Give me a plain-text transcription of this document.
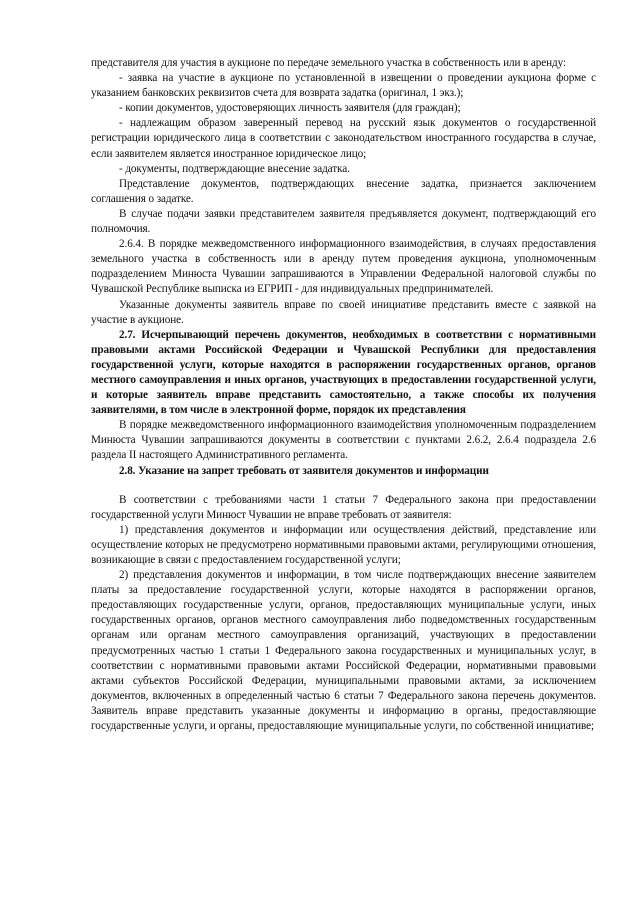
представителя для участия в аукционе по передаче земельного участка в собственность или в аренду:

- заявка на участие в аукционе по установленной в извещении о проведении аукциона форме с указанием банковских реквизитов счета для возврата задатка (оригинал, 1 экз.);

- копии документов, удостоверяющих личность заявителя (для граждан);

- надлежащим образом заверенный перевод на русский язык документов о государственной регистрации юридического лица в соответствии с законодательством иностранного государства в случае, если заявителем является иностранное юридическое лицо;

- документы, подтверждающие внесение задатка.

Представление документов, подтверждающих внесение задатка, признается заключением соглашения о задатке.

В случае подачи заявки представителем заявителя предъявляется документ, подтверждающий его полномочия.

2.6.4. В порядке межведомственного информационного взаимодействия, в случаях предоставления земельного участка в собственность или в аренду путем проведения аукциона, уполномоченным подразделением Минюста Чувашии запрашиваются в Управлении Федеральной налоговой службы по Чувашской Республике выписка из ЕГРИП - для индивидуальных предпринимателей.

Указанные документы заявитель вправе по своей инициативе представить вместе с заявкой на участие в аукционе.

2.7. Исчерпывающий перечень документов, необходимых в соответствии с нормативными правовыми актами Российской Федерации и Чувашской Республики для предоставления государственной услуги, которые находятся в распоряжении государственных органов, органов местного самоуправления и иных органов, участвующих в предоставлении государственной услуги, и которые заявитель вправе представить самостоятельно, а также способы их получения заявителями, в том числе в электронной форме, порядок их представления

В порядке межведомственного информационного взаимодействия уполномоченным подразделением Минюста Чувашии запрашиваются документы в соответствии с пунктами 2.6.2, 2.6.4 подраздела 2.6 раздела II настоящего Административного регламента.

2.8. Указание на запрет требовать от заявителя документов и информации

В соответствии с требованиями части 1 статьи 7 Федерального закона при предоставлении государственной услуги Минюст Чувашии не вправе требовать от заявителя:

1) представления документов и информации или осуществления действий, представление или осуществление которых не предусмотрено нормативными правовыми актами, регулирующими отношения, возникающие в связи с предоставлением государственной услуги;

2) представления документов и информации, в том числе подтверждающих внесение заявителем платы за предоставление государственной услуги, которые находятся в распоряжении органов, предоставляющих государственные услуги, органов, предоставляющих муниципальные услуги, иных государственных органов, органов местного самоуправления либо подведомственных государственным органам или органам местного самоуправления организаций, участвующих в предоставлении предусмотренных частью 1 статьи 1 Федерального закона государственных и муниципальных услуг, в соответствии с нормативными правовыми актами Российской Федерации, нормативными правовыми актами субъектов Российской Федерации, муниципальными правовыми актами, за исключением документов, включенных в определенный частью 6 статьи 7 Федерального закона перечень документов. Заявитель вправе представить указанные документы и информацию в органы, предоставляющие государственные услуги, и органы, предоставляющие муниципальные услуги, по собственной инициативе;
